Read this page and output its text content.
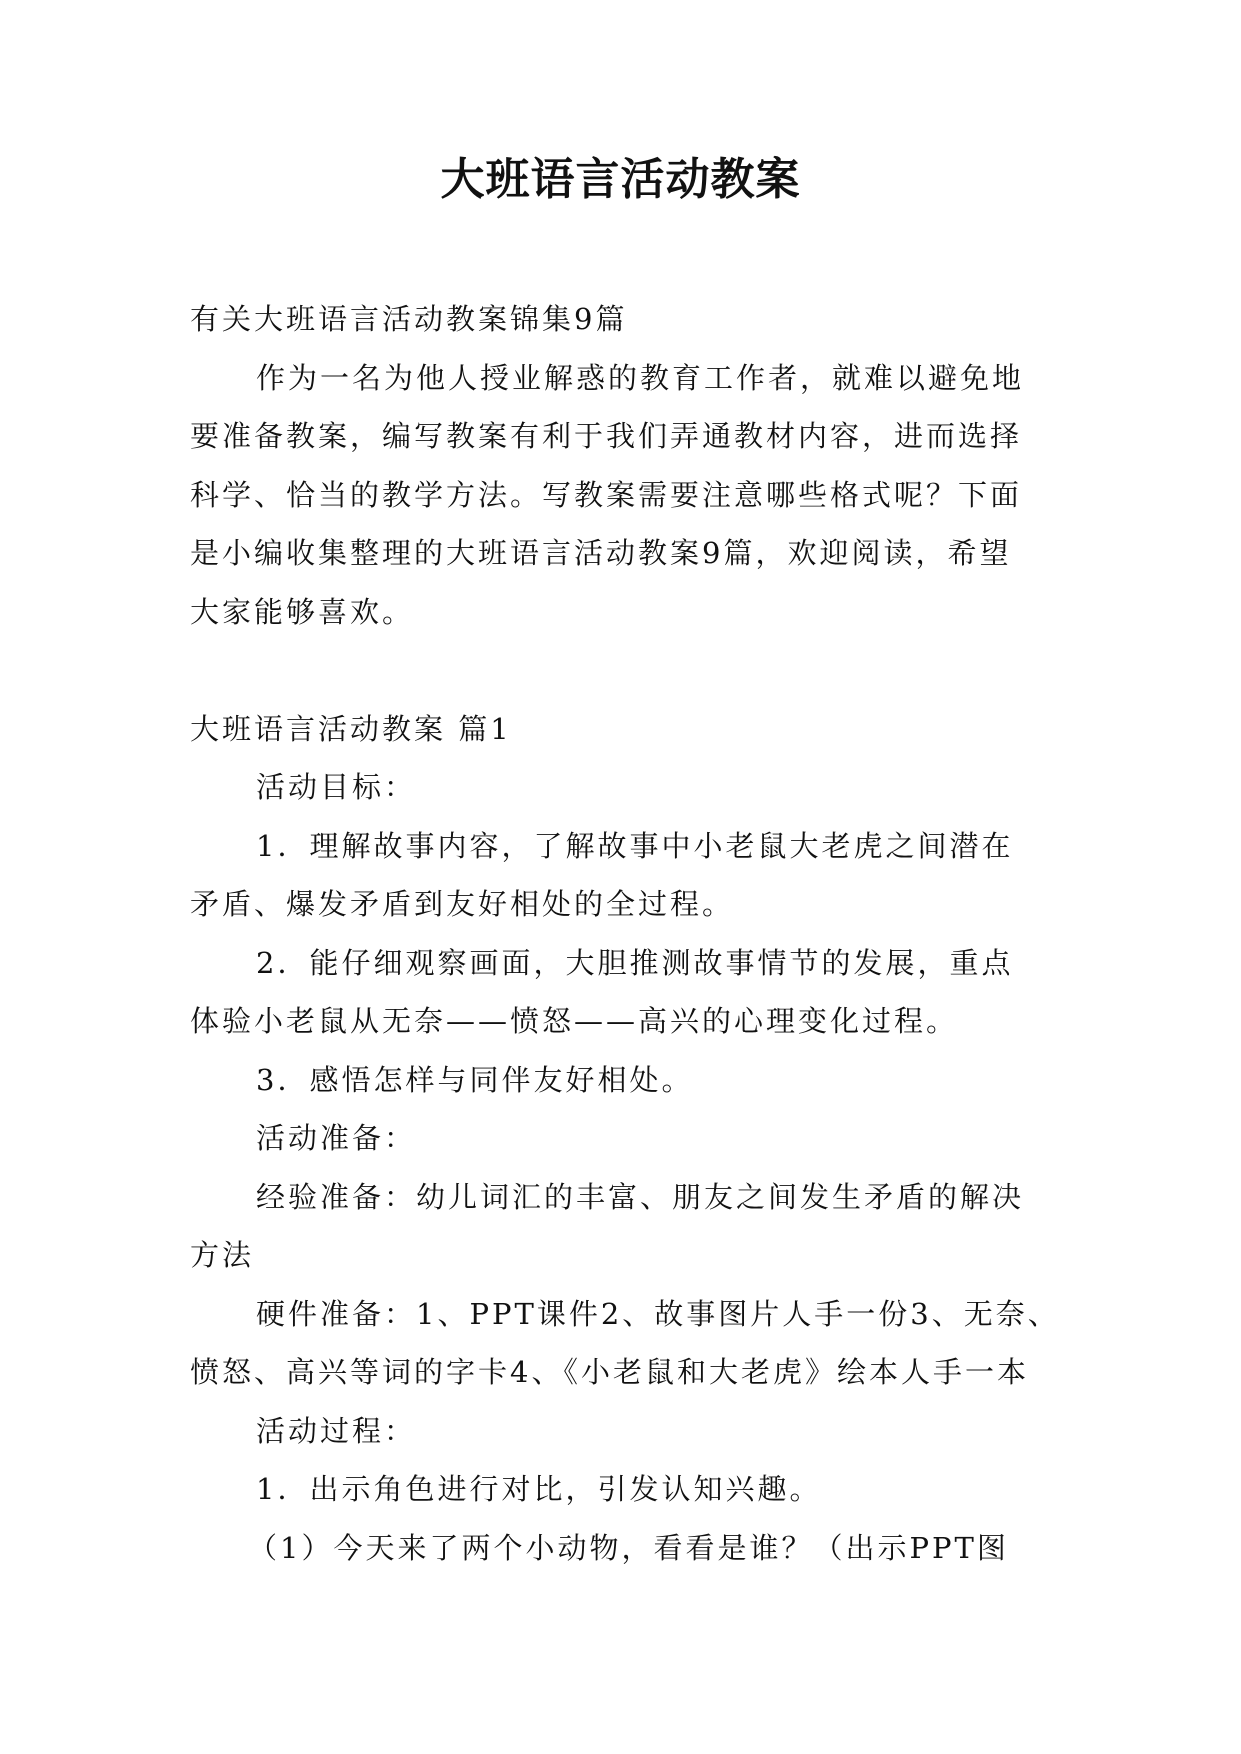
大班语言活动教案
有关大班语言活动教案锦集9篇
作为一名为他人授业解惑的教育工作者，就难以避免地
要准备教案，编写教案有利于我们弄通教材内容，进而选择
科学、恰当的教学方法。写教案需要注意哪些格式呢？下面
是小编收集整理的大班语言活动教案9篇，欢迎阅读，希望
大家能够喜欢。
大班语言活动教案 篇1
活动目标：
1．理解故事内容，了解故事中小老鼠大老虎之间潜在
矛盾、爆发矛盾到友好相处的全过程。
2．能仔细观察画面，大胆推测故事情节的发展，重点
体验小老鼠从无奈——愤怒——高兴的心理变化过程。
3．感悟怎样与同伴友好相处。
活动准备：
经验准备：幼儿词汇的丰富、朋友之间发生矛盾的解决
方法
硬件准备：1、PPT课件2、故事图片人手一份3、无奈、
愤怒、高兴等词的字卡4、《小老鼠和大老虎》绘本人手一本
活动过程：
1．出示角色进行对比，引发认知兴趣。
（1）今天来了两个小动物，看看是谁？（出示PPT图
